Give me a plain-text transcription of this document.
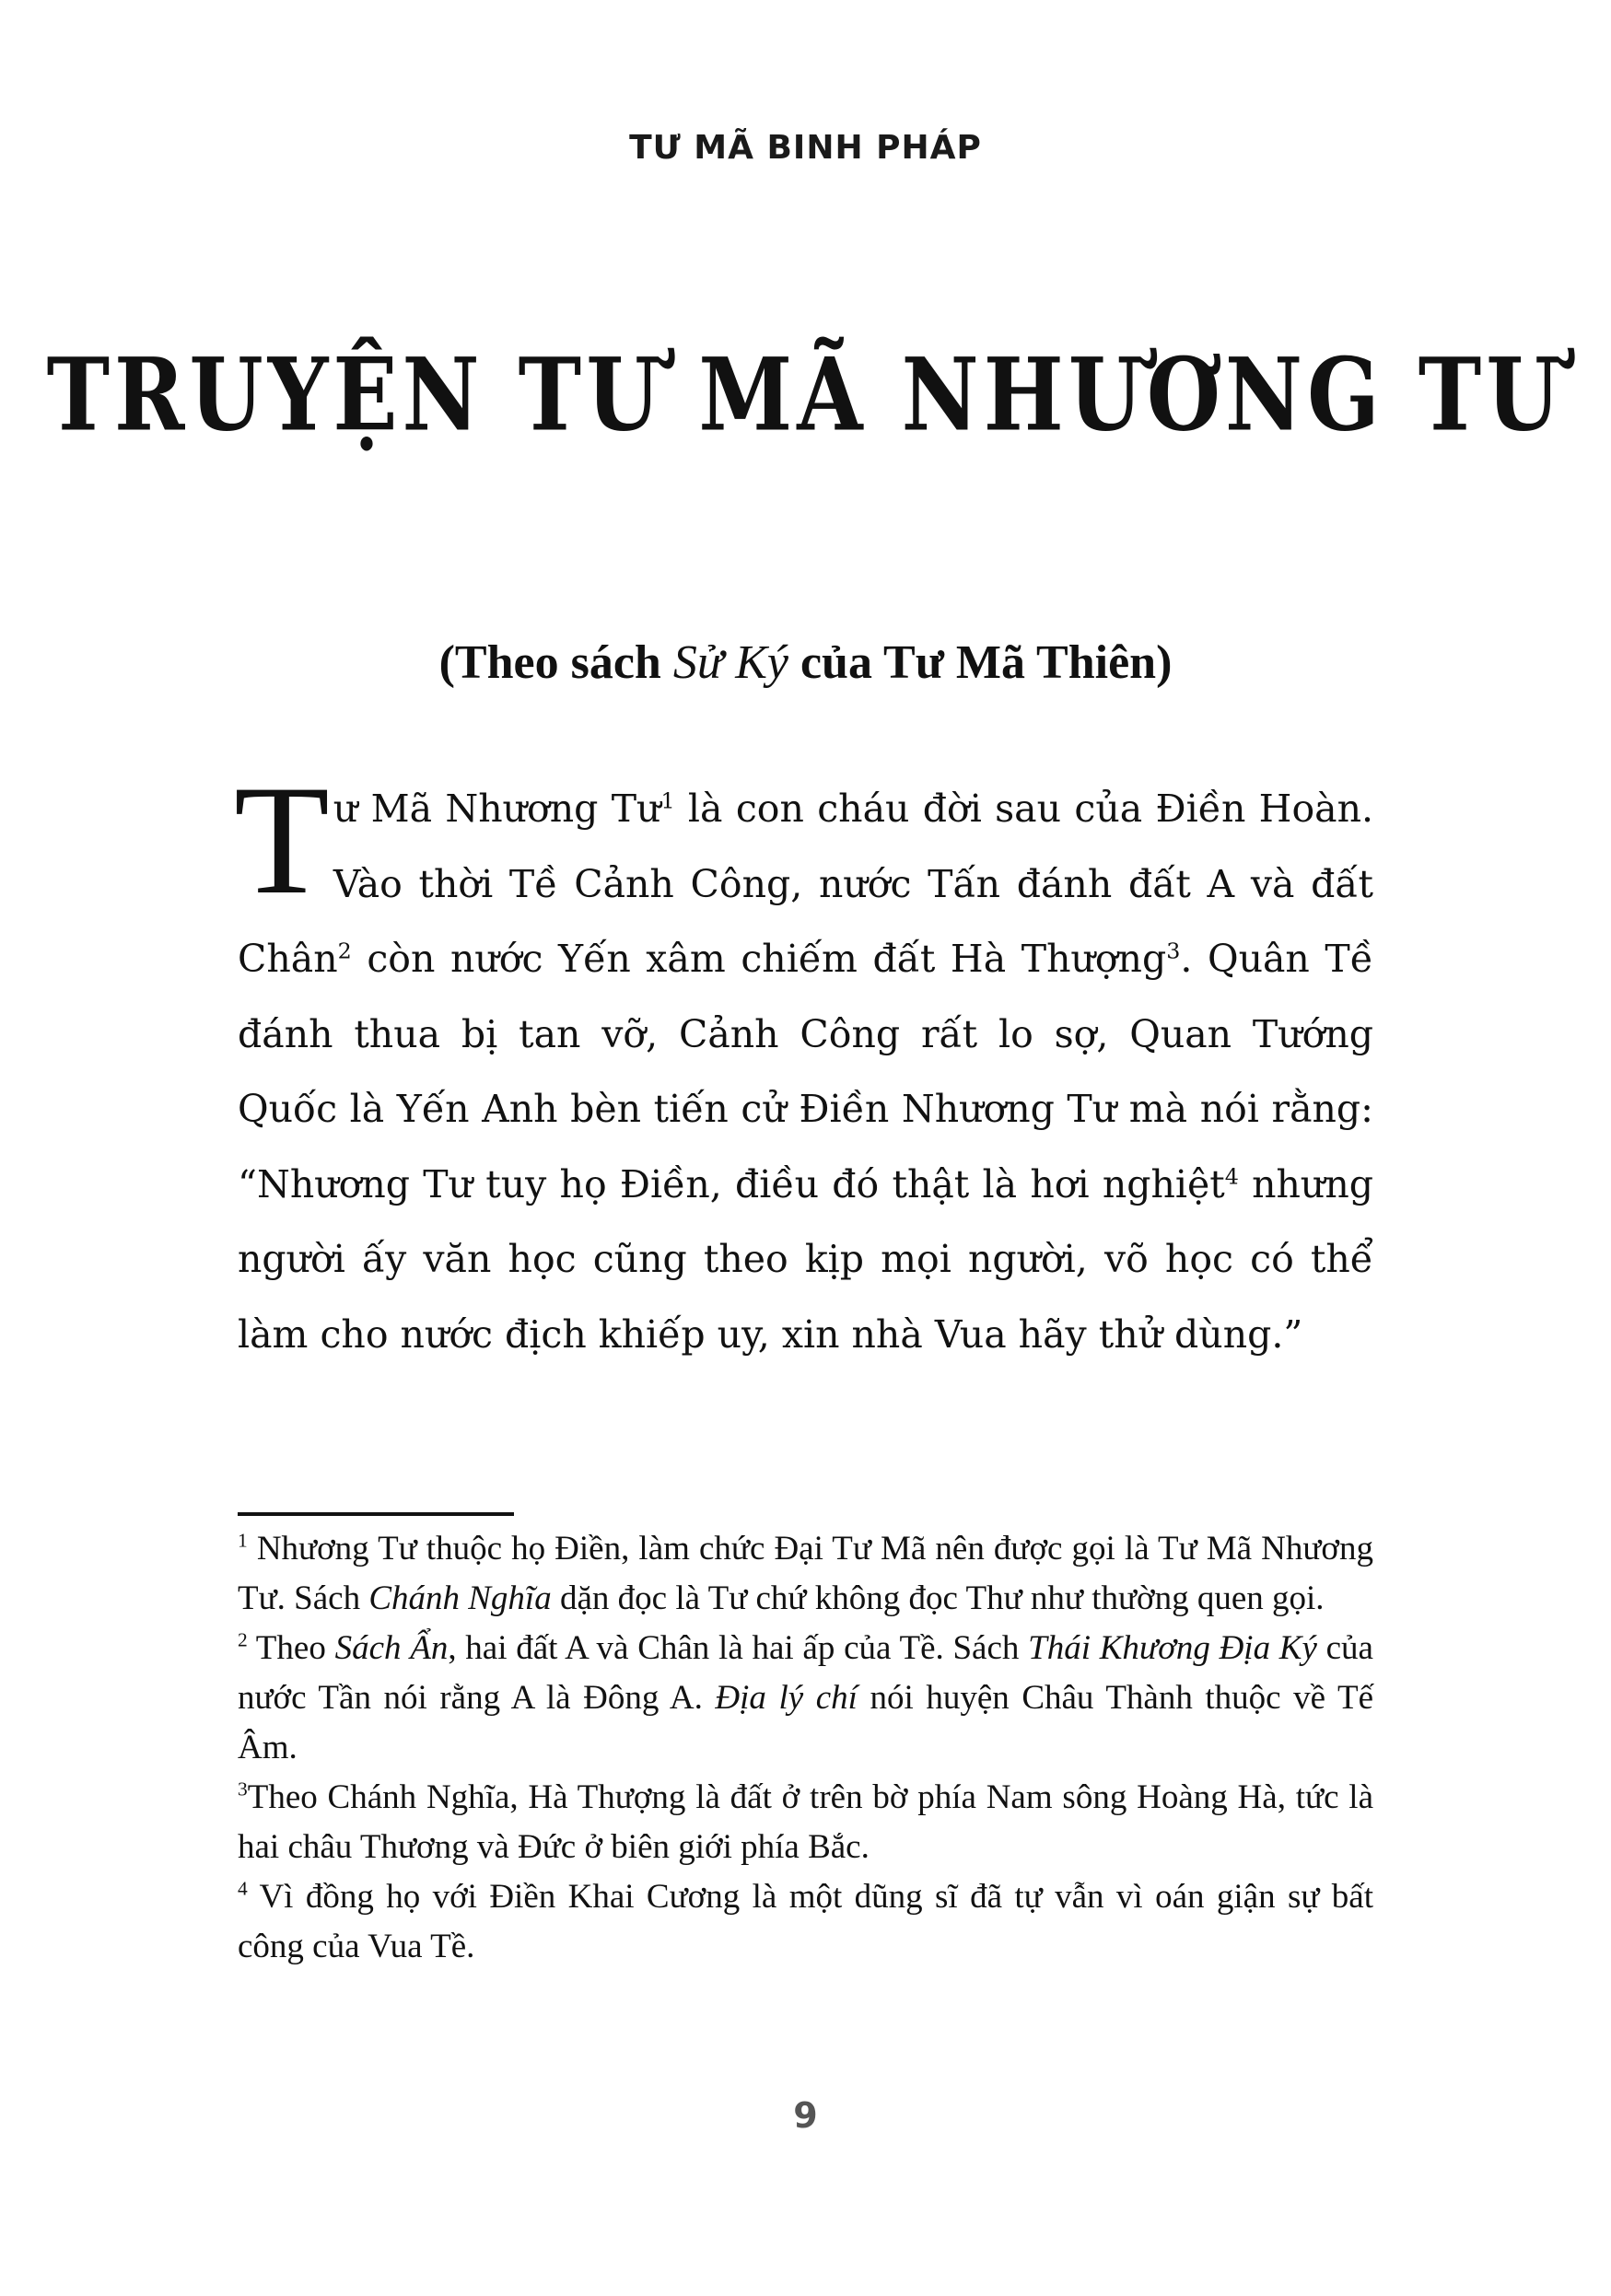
TƯ MÃ BINH PHÁP
TRUYỆN TƯ MÃ NHƯƠNG TƯ
(Theo sách Sử Ký của Tư Mã Thiên)
Tư Mã Nhương $Tư^1$ là con cháu đời sau của Điền Hoàn. Vào thời Tề Cảnh Công, nước Tấn đánh đất A và đất Chân$^2$ còn nước Yến xâm chiếm đất Hà Thượng$^3$. Quân Tề đánh thua bị tan vỡ, Cảnh Công rất lo sợ, Quan Tướng Quốc là Yến Anh bèn tiến cử Điền Nhương Tư mà nói rằng: “Nhương Tư tuy họ Điền, điều đó thật là hơi nghiệt$^4$ nhưng người ấy văn học cũng theo kịp mọi người, võ học có thể làm cho nước địch khiếp uy, xin nhà Vua hãy thử dùng.”

$^1$ Nhương Tư thuộc họ Điền, làm chức Đại Tư Mã nên được gọi là Tư Mã Nhương Tư. Sách Chánh Nghĩa dặn đọc là Tư chứ không đọc Thư như thường quen gọi.

$^2$ Theo Sách Ẩn, hai đất A và Chân là hai ấp của Tề. Sách Thái Khương Địa Ký của nước Tần nói rằng A là Đông A. Địa lý chí nói huyện Châu Thành thuộc về Tế Âm.

$^3$Theo Chánh Nghĩa, Hà Thượng là đất ở trên bờ phía Nam sông Hoàng Hà, tức là hai châu Thương và Đức ở biên giới phía Bắc.

$^4$ Vì đồng họ với Điền Khai Cương là một dũng sĩ đã tự vẫn vì oán giận sự bất công của Vua Tề.

9
